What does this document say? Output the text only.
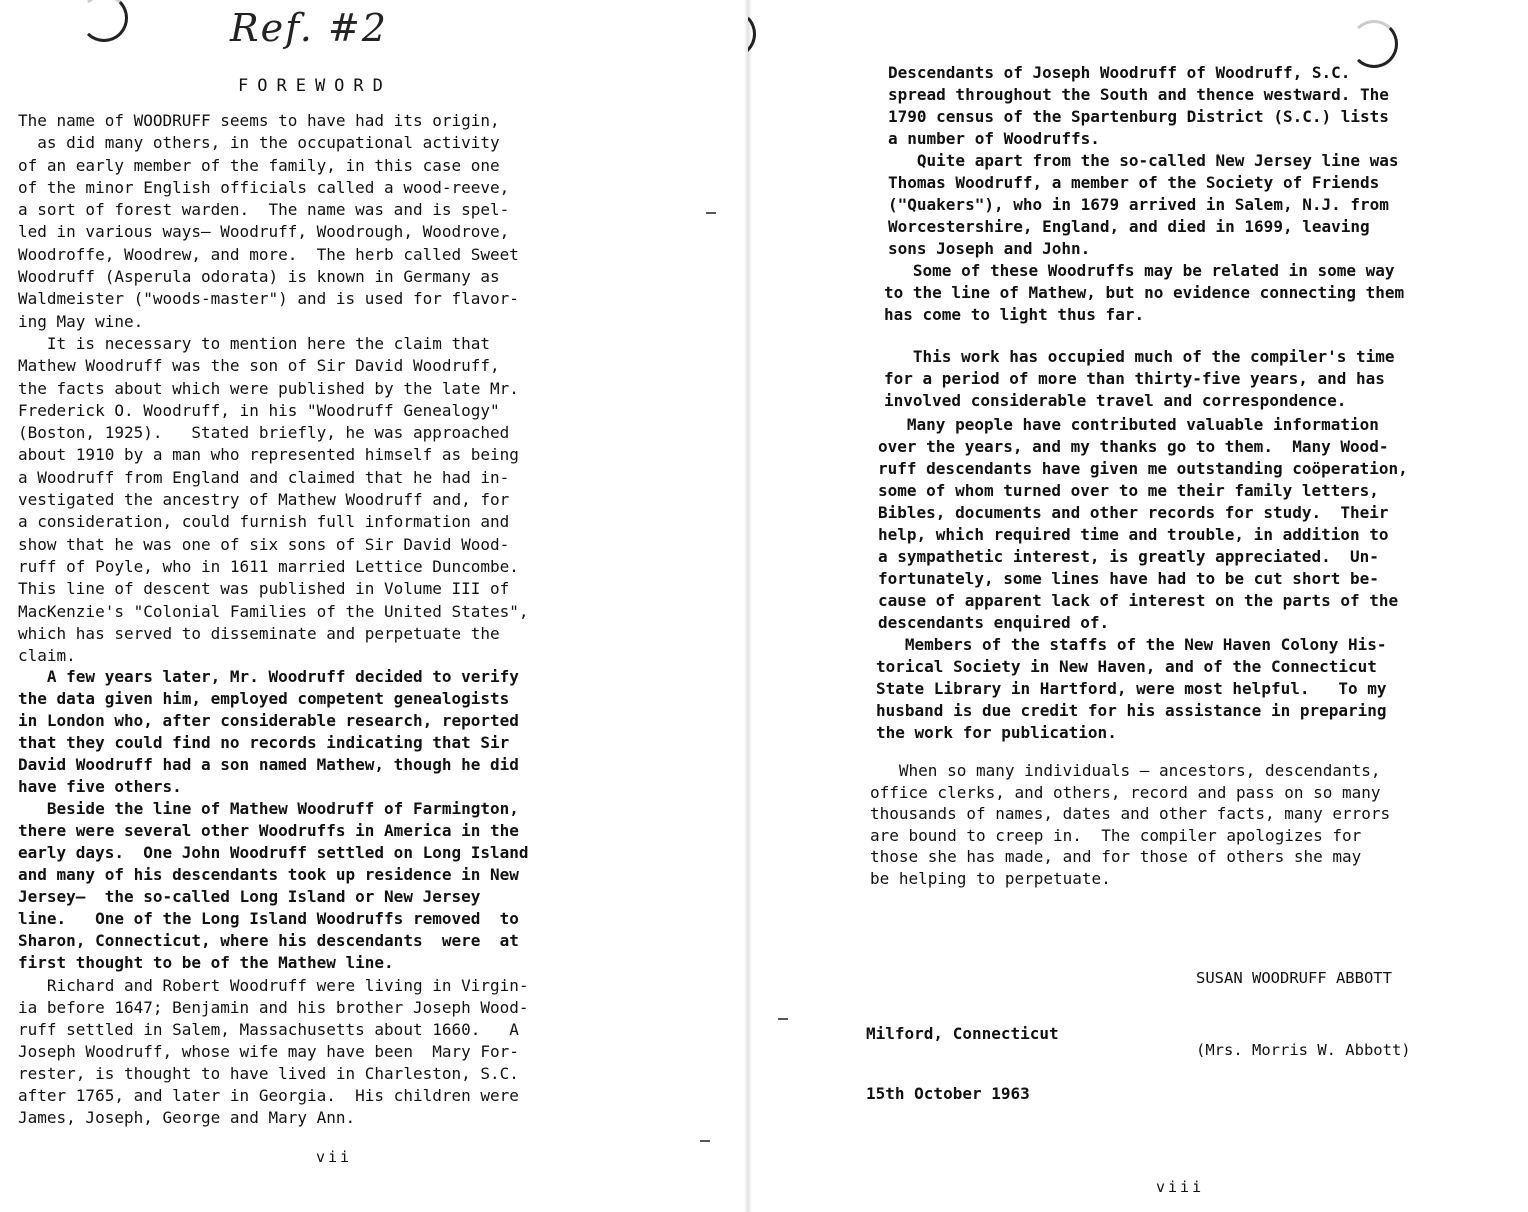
Ref. #2
FOREWORD

The name of WOODRUFF seems to have had its origin,
as did many others, in the occupational activity
of an early member of the family, in this case one
of the minor English officials called a wood-reeve,
a sort of forest warden.  The name was and is spel-
led in various ways— Woodruff, Woodrough, Woodrove,
Woodroffe, Woodrew, and more.  The herb called Sweet
Woodruff (Asperula odorata) is known in Germany as
Waldmeister ("woods-master") and is used for flavor-
ing May wine.

It is necessary to mention here the claim that
Mathew Woodruff was the son of Sir David Woodruff,
the facts about which were published by the late Mr.
Frederick O. Woodruff, in his "Woodruff Genealogy"
(Boston, 1925).   Stated briefly, he was approached
about 1910 by a man who represented himself as being
a Woodruff from England and claimed that he had in-
vestigated the ancestry of Mathew Woodruff and, for
a consideration, could furnish full information and
show that he was one of six sons of Sir David Wood-
ruff of Poyle, who in 1611 married Lettice Duncombe.
This line of descent was published in Volume III of
MacKenzie's "Colonial Families of the United States",
which has served to disseminate and perpetuate the
claim.

A few years later, Mr. Woodruff decided to verify
the data given him, employed competent genealogists
in London who, after considerable research, reported
that they could find no records indicating that Sir
David Woodruff had a son named Mathew, though he did
have five others.

Beside the line of Mathew Woodruff of Farmington,
there were several other Woodruffs in America in the
early days.  One John Woodruff settled on Long Island
and many of his descendants took up residence in New
Jersey—  the so-called Long Island or New Jersey
line.   One of the Long Island Woodruffs removed  to
Sharon, Connecticut, where his descendants  were  at
first thought to be of the Mathew line.

Richard and Robert Woodruff were living in Virgin-
ia before 1647; Benjamin and his brother Joseph Wood-
ruff settled in Salem, Massachusetts about 1660.   A
Joseph Woodruff, whose wife may have been  Mary For-
rester, is thought to have lived in Charleston, S.C.
after 1765, and later in Georgia.  His children were
James, Joseph, George and Mary Ann.

vii

Descendants of Joseph Woodruff of Woodruff, S.C.
spread throughout the South and thence westward. The
1790 census of the Spartenburg District (S.C.) lists
a number of Woodruffs.

Quite apart from the so-called New Jersey line was
Thomas Woodruff, a member of the Society of Friends
("Quakers"), who in 1679 arrived in Salem, N.J. from
Worcestershire, England, and died in 1699, leaving
sons Joseph and John.

Some of these Woodruffs may be related in some way
to the line of Mathew, but no evidence connecting them
has come to light thus far.

This work has occupied much of the compiler's time
for a period of more than thirty-five years, and has
involved considerable travel and correspondence.

Many people have contributed valuable information
over the years, and my thanks go to them.  Many Wood-
ruff descendants have given me outstanding coöperation,
some of whom turned over to me their family letters,
Bibles, documents and other records for study.  Their
help, which required time and trouble, in addition to
a sympathetic interest, is greatly appreciated.  Un-
fortunately, some lines have had to be cut short be-
cause of apparent lack of interest on the parts of the
descendants enquired of.

Members of the staffs of the New Haven Colony His-
torical Society in New Haven, and of the Connecticut
State Library in Hartford, were most helpful.   To my
husband is due credit for his assistance in preparing
the work for publication.

When so many individuals — ancestors, descendants,
office clerks, and others, record and pass on so many
thousands of names, dates and other facts, many errors
are bound to creep in.  The compiler apologizes for
those she has made, and for those of others she may
be helping to perpetuate.

SUSAN WOODRUFF ABBOTT

(Mrs. Morris W. Abbott)

Milford, Connecticut

15th October 1963

viii
